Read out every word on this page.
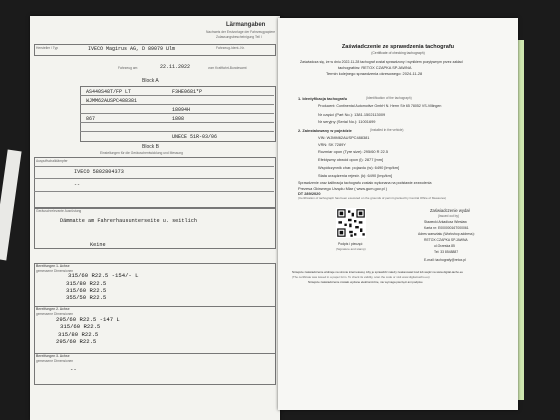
Lärmangaben
Nachweis der Erstvorlage der Fahrzeugpapiere
Zulassungsbescheinigung Teil I
Hersteller / Typ	IVECO Magirus AG, D 89079 Ulm	Fahrzeug-Ident.-Nr.
Fahrzeug am	22.11.2022	vom Kraftfahrt-Bundesamt
Block A
AS440S48T/FP LT	F3HE0681*P
WJMM62AUSPC488381
18094H
867	1808
UNECE 51R-03/06
Block B
Einstellungen für die Geräuschentwicklung und Messung
Auspuffschalldämpfer
IVECO 5802804373
--
Geräuschrelevante Ausrüstung
Dämmatte am Fahrerhausunterseite u. seitlich
Keine
Bereifungen 1. Achse
gemessene Dimensionen
315/60 R22.5 -154/- L
315/80 R22.5
315/60 R22.5
355/50 R22.5
Bereifungen 2. Achse
gemessene Dimensionen
295/60 R22.5 -147 L
315/60 R22.5
315/80 R22.5
295/60 R22.5
Bereifungen 3. Achse
gemessene Dimensionen
--
Zaświadczenie ze sprawdzenia tachografu
(Certificate of checking tachograph)
Zaświadcza się, że w dniu 2022-11-28 tachograf został sprawdzony i wynikiem pozytywnym przez zakład
tachografów: RETOX CZAPKA SP.JAWNA
Termin kolejnego sprawdzenia okresowego: 2024-11-28
1. Identyfikacja tachografu	(Identification of the tachograph)
Producent: Continental Automotive GmbH N. Herrn Str 65 78052 VS-Villingen
Nr części (Part No.): 1381.1502113009
Nr seryjny (Serial No.): 11001699
2. Zainstalowany w pojeździe	(Installed in the vehicle)
VIN: WJMM62AUSPC488381
VRN: SK 7289Y
Rozmiar opon (Tyre size): 295/60 R 22.5
Efektywny obwód opon (l): 2877 [mm]
Współczynnik char. pojazdu (w): 6490 [imp/km]
Stała urządzenia rejestr. (k): 6490 [imp/km]
Sprawdzenie oraz kalibracja tachografu zostało wykonana na podstawie zezwolenia
Prezesa Głównego Urzędu Miar ( www.gum.gov.pl )
DT 289/2020
(Certification of tachograph has been executed on the grounds of permit granted by Central Office of Measures)
Podpis i pieczęć
(Signature and stamp)
Zaświadczenie wydał
(Issued out by)
Stawecki Arkadiusz Wiesław
Karta nr: E00000016T000061
Adres warsztatu (Workshop address):
RETOX CZAPKA SP.JAWNA
ul.Orzeska 85
Tel: 33 8548887
E-mail: tachografy@retox.pl
Niniejsze zaświadczenie widnieje na stronie internetowej. Aby je sprawdzić należy zeskanować kod lub wejść na www.digital-tacho.eu
(The certificate was issued in a paper form. To check its validity, scan the code or visit www.digital-tacho.eu)
Niniejsze zaświadczenie zostało wydane elektronicznie, nie wymaga pieczęci ani podpisu.
